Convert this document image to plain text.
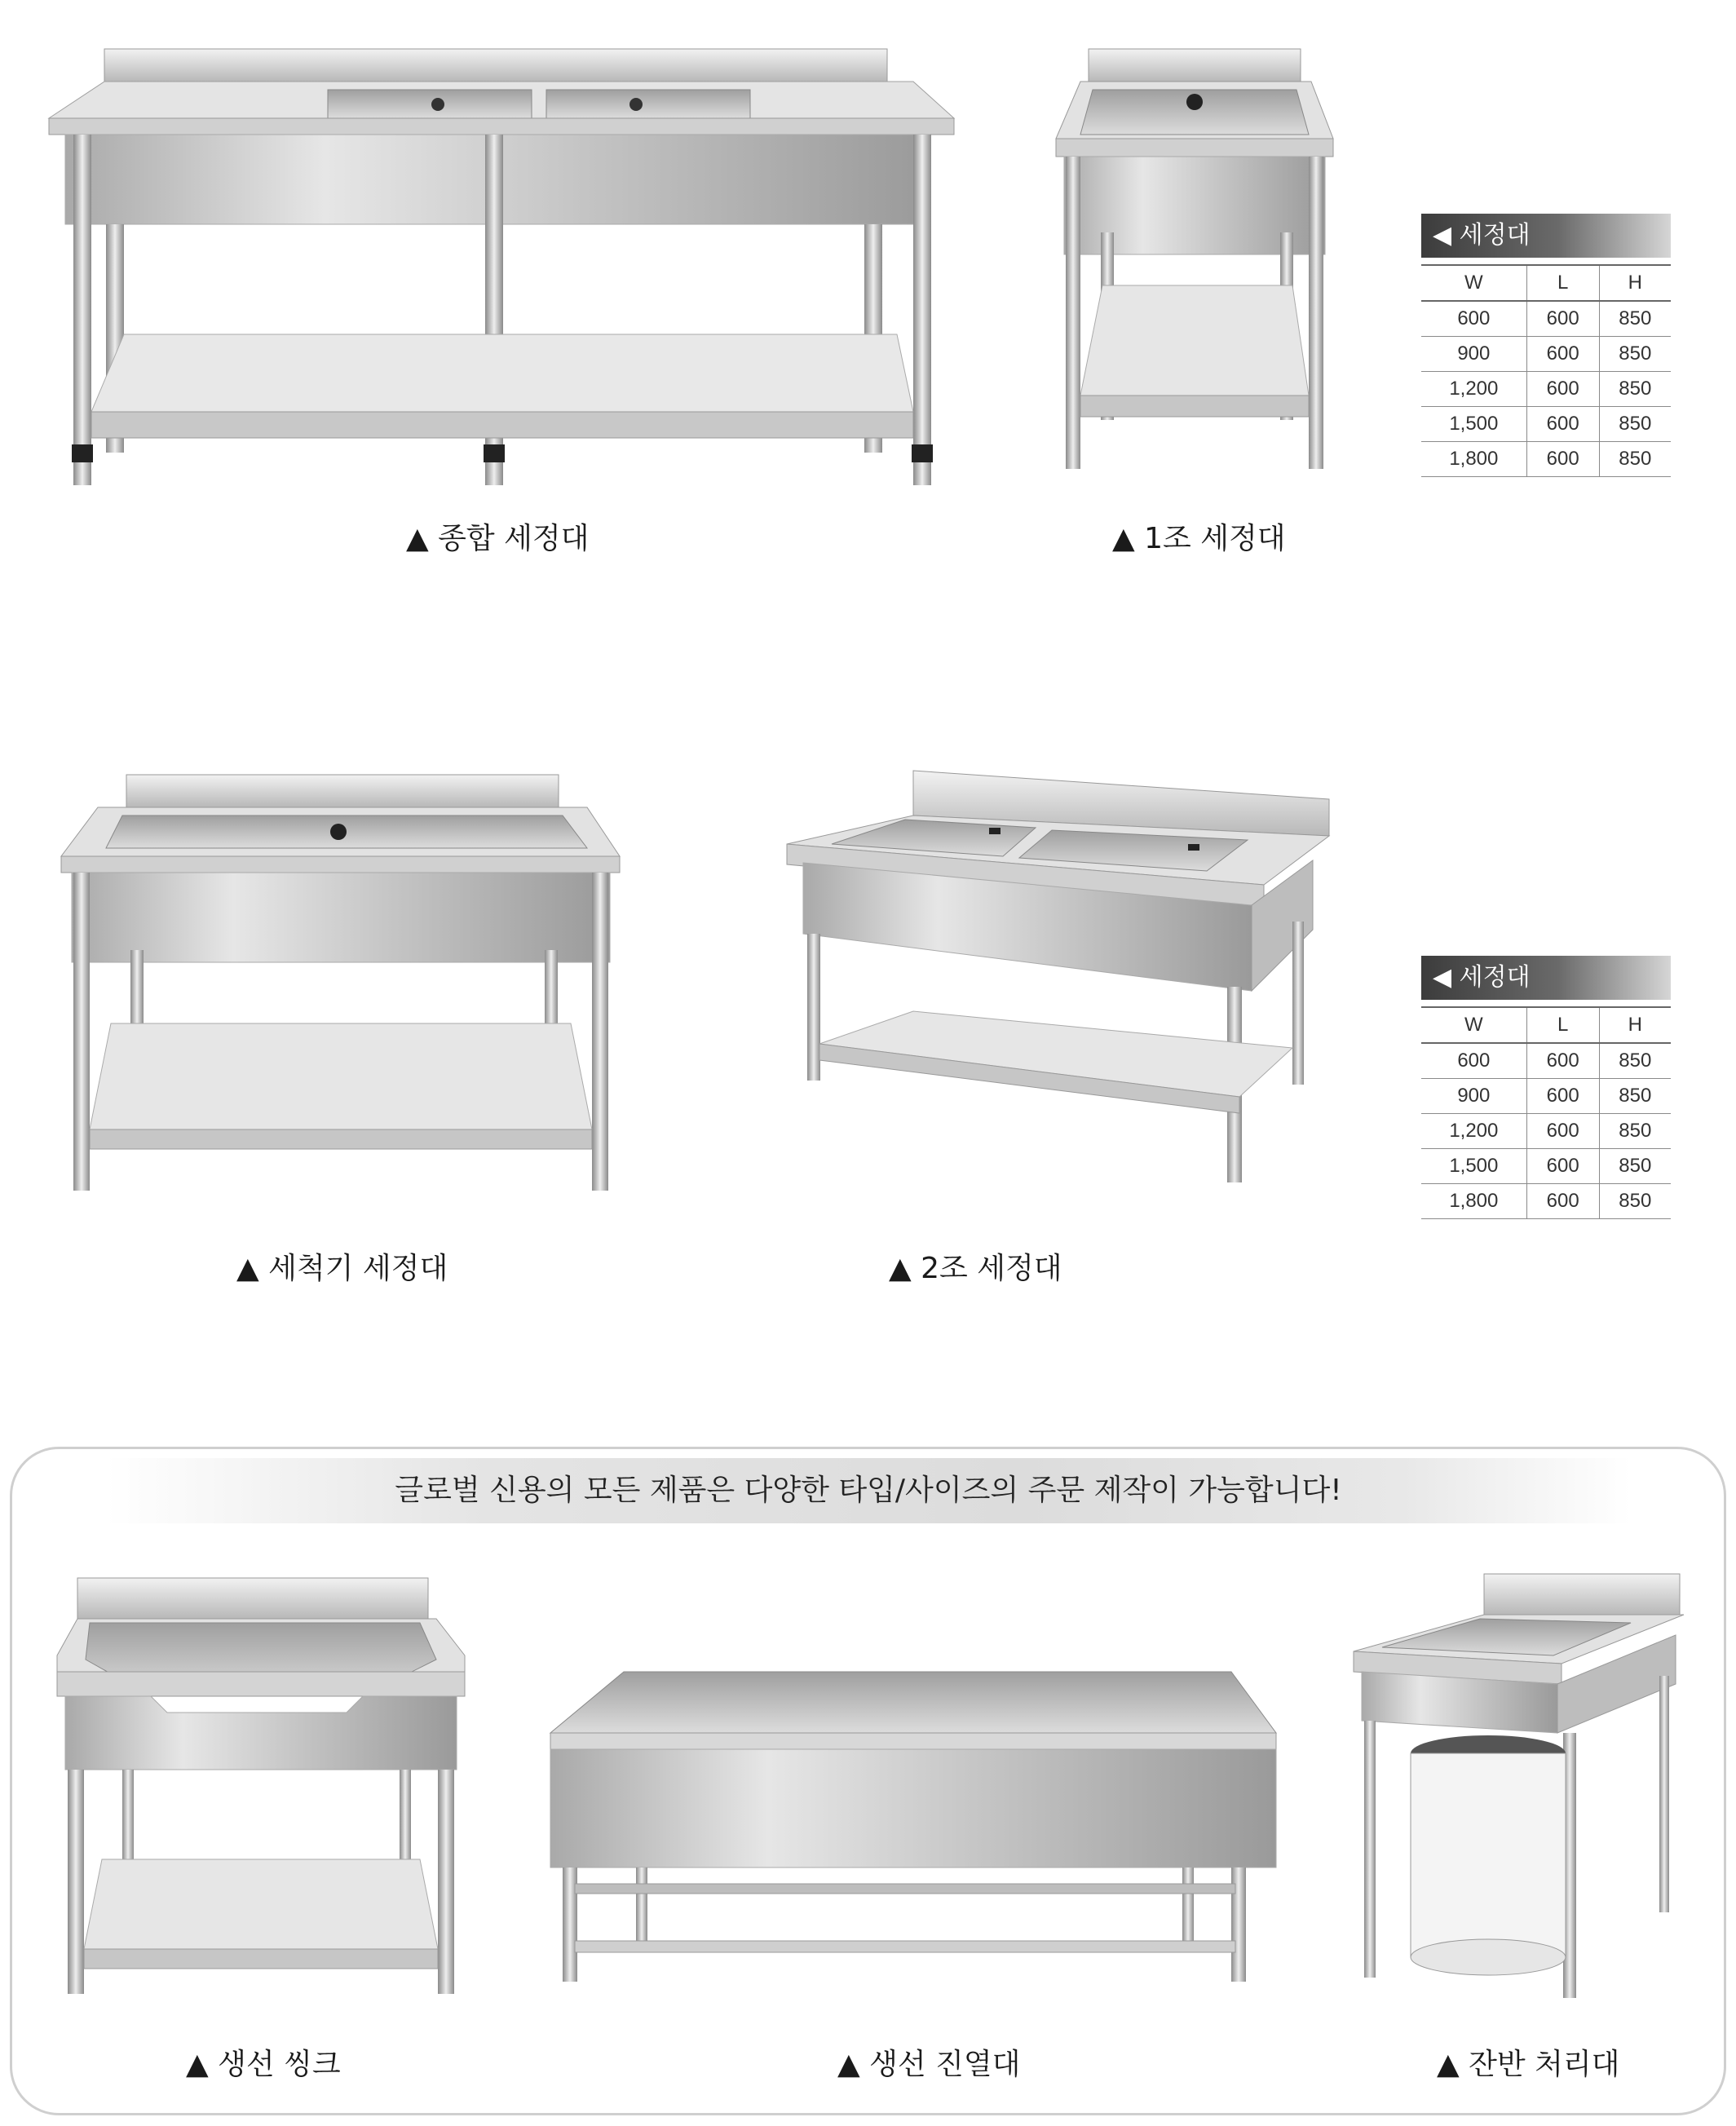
▲ 종합 세정대	▲ 1조 세정대
◀ 세정대
W	L	H
600	600	850
900	600	850
1,200	600	850
1,500	600	850
1,800	600	850
▲ 세척기 세정대	▲ 2조 세정대
◀ 세정대
W	L	H
600	600	850
900	600	850
1,200	600	850
1,500	600	850
1,800	600	850
글로벌 신용의 모든 제품은 다양한 타입/사이즈의 주문 제작이 가능합니다!
▲ 생선 씽크	▲ 생선 진열대	▲ 잔반 처리대
